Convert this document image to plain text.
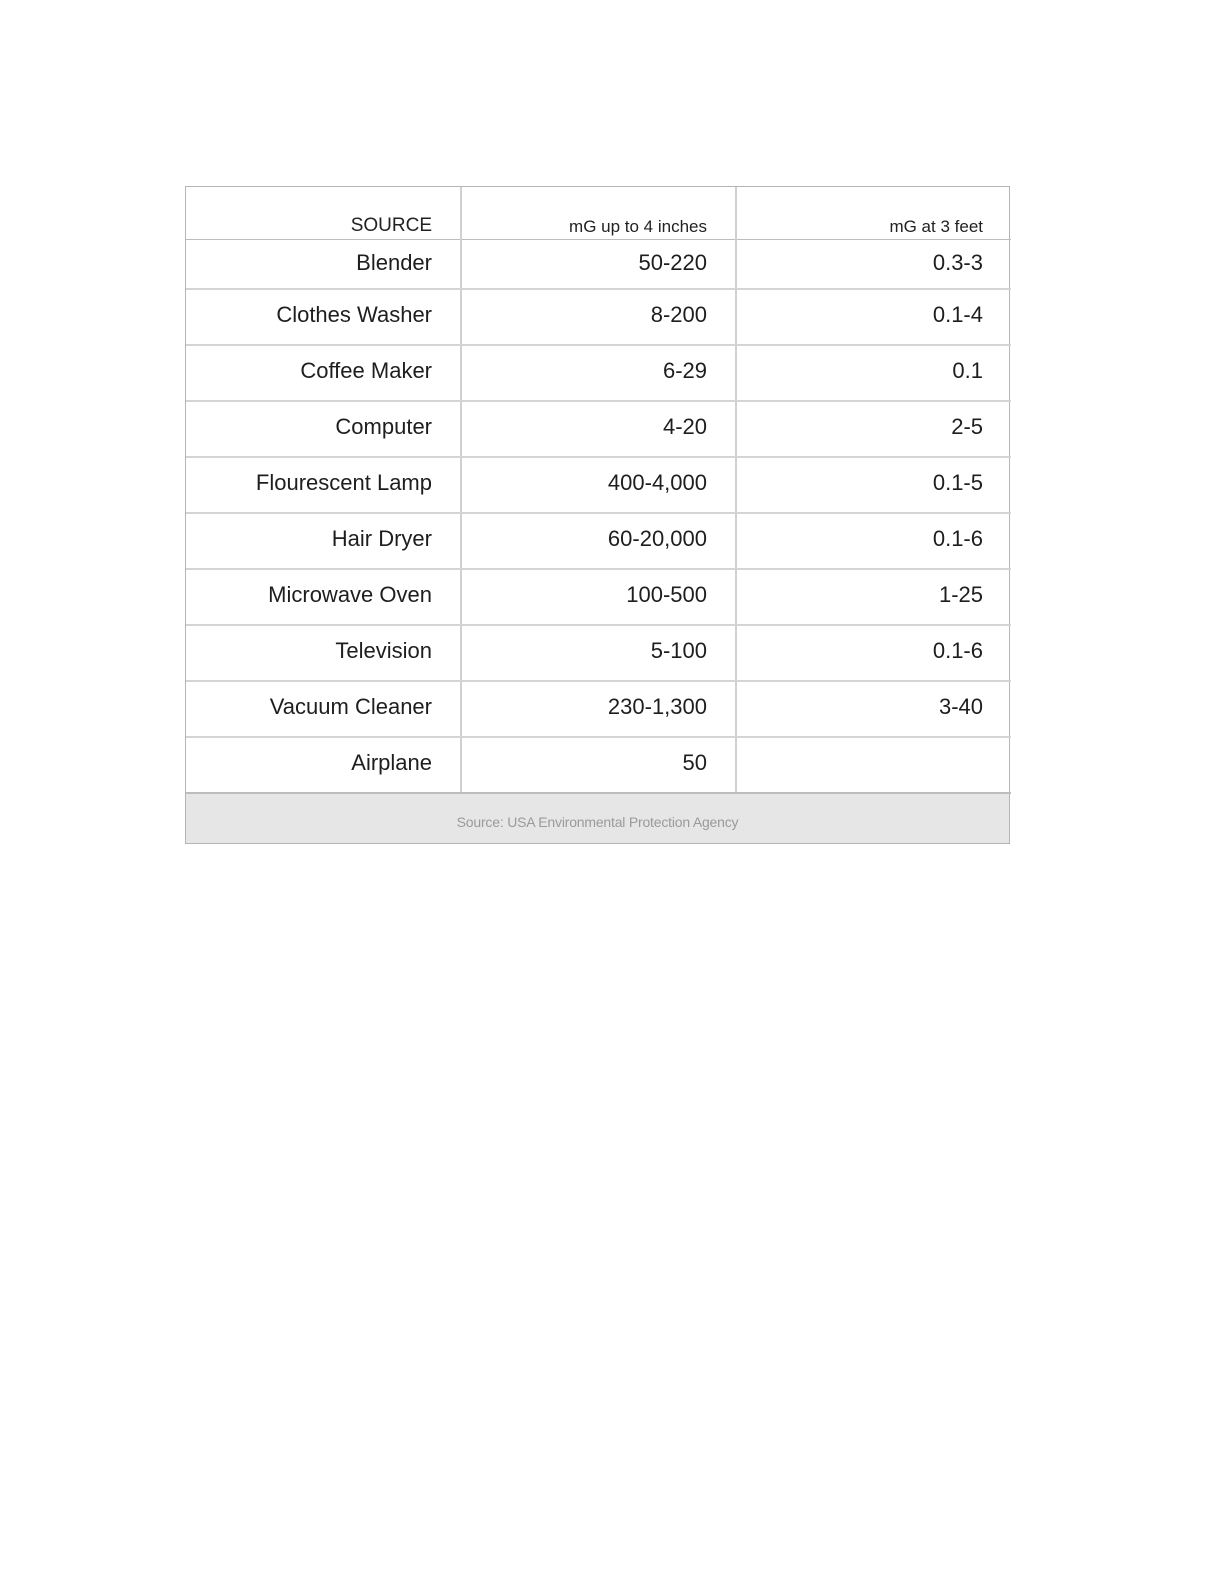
SOURCE	mG up to 4 inches	mG at 3 feet
Blender	50-220	0.3-3
Clothes Washer	8-200	0.1-4
Coffee Maker	6-29	0.1
Computer	4-20	2-5
Flourescent Lamp	400-4,000	0.1-5
Hair Dryer	60-20,000	0.1-6
Microwave Oven	100-500	1-25
Television	5-100	0.1-6
Vacuum Cleaner	230-1,300	3-40
Airplane	50	
Source: USA Environmental Protection Agency
